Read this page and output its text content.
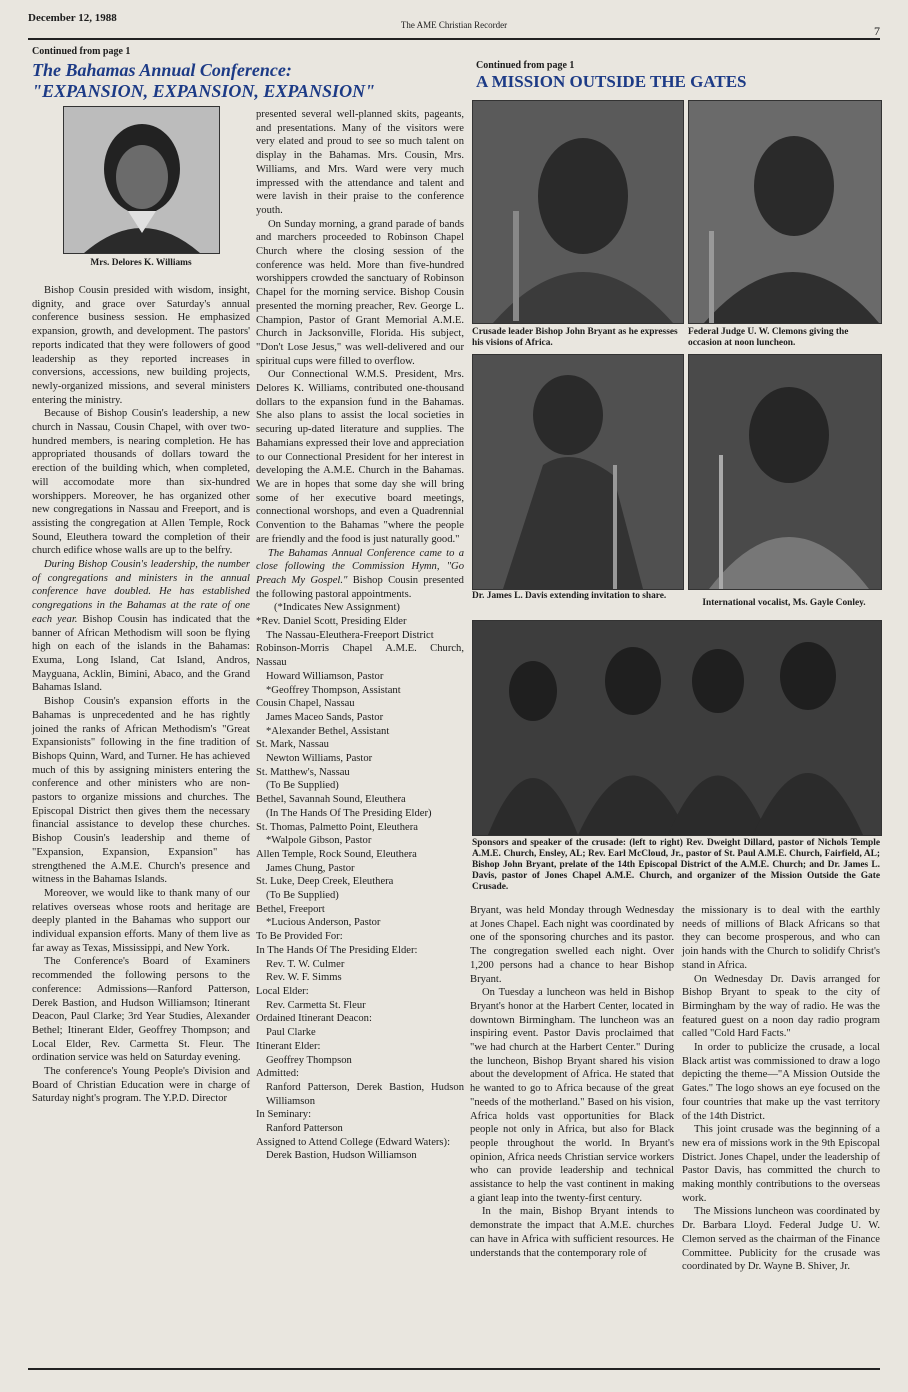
December 12, 1988
The AME Christian Recorder	7
Continued from page 1
The Bahamas Annual Conference:
"EXPANSION, EXPANSION, EXPANSION"
Mrs. Delores K. Williams

Bishop Cousin presided with wisdom, insight, dignity, and grace over Saturday's annual conference business session. He emphasized expansion, growth, and development. The pastors' reports indicated that they were followers of good leadership as they reported increases in conversions, accessions, new building projects, newly-organized missions, and several ministers entering the ministry.

Because of Bishop Cousin's leadership, a new church in Nassau, Cousin Chapel, with over two-hundred members, is nearing completion. He has appropriated thousands of dollars toward the erection of the building which, when completed, will accomodate more than six-hundred worshippers. Moreover, he has organized other new congregations in Nassau and Freeport, and is assisting the congregation at Allen Temple, Rock Sound, Eleuthera toward the completion of their church edifice whose walls are up to the belfry.

During Bishop Cousin's leadership, the number of congregations and ministers in the annual conference have doubled. He has established congregations in the Bahamas at the rate of one each year. Bishop Cousin has indicated that the banner of African Methodism will soon be flying high on each of the islands in the Bahamas: Exuma, Long Island, Cat Island, Andros, Mayguana, Acklin, Bimini, Abaco, and the Grand Bahamas Island.

Bishop Cousin's expansion efforts in the Bahamas is unprecedented and he has rightly joined the ranks of African Methodism's "Great Expansionists" following in the fine tradition of Bishops Quinn, Ward, and Turner. He has achieved much of this by assigning ministers entering the conference and other ministers who are non-pastors to organize missions and churches. The Episcopal District then gives them the necessary financial assistance to develop these churches. Bishop Cousin's leadership and theme of "Expansion, Expansion, Expansion" has strengthened the A.M.E. Church's presence and witness in the Bahamas Islands.

Moreover, we would like to thank many of our relatives overseas whose roots and heritage are deeply planted in the Bahamas who support our individual expansion efforts. Many of them live as far away as Texas, Mississippi, and New York.

The Conference's Board of Examiners recommended the following persons to the conference: Admissions—Ranford Patterson, Derek Bastion, and Hudson Williamson; Itinerant Deacon, Paul Clarke; 3rd Year Studies, Alexander Bethel; Itinerant Elder, Geoffrey Thompson; and Local Elder, Rev. Carmetta St. Fleur. The ordination service was held on Saturday evening.

The conference's Young People's Division and Board of Christian Education were in charge of Saturday night's program. The Y.P.D. Director

presented several well-planned skits, pageants, and presentations. Many of the visitors were very elated and proud to see so much talent on display in the Bahamas. Mrs. Cousin, Mrs. Williams, and Mrs. Ward were very much impressed with the attendance and talent and were lavish in their praise to the conference youth.

On Sunday morning, a grand parade of bands and marchers proceeded to Robinson Chapel Church where the closing session of the conference was held. More than five-hundred worshippers crowded the sanctuary of Robinson Chapel for the morning service. Bishop Cousin presented the morning preacher, Rev. George L. Champion, Pastor of Grant Memorial A.M.E. Church in Jacksonville, Florida. His subject, "Don't Lose Jesus," was well-delivered and our spiritual cups were filled to overflow.

Our Connectional W.M.S. President, Mrs. Delores K. Williams, contributed one-thousand dollars to the expansion fund in the Bahamas. She also plans to assist the local societies in securing up-dated literature and supplies. The Bahamians expressed their love and appreciation to our Connectional President for her interest in developing the A.M.E. Church in the Bahamas. We are in hopes that some day she will bring some of her executive board meetings, connectional worshops, and even a Quadrennial Convention to the Bahamas "where the people are friendly and the food is just naturally good."

The Bahamas Annual Conference came to a close following the Commission Hymn, "Go Preach My Gospel." Bishop Cousin presented the following pastoral appointments.

(*Indicates New Assignment)
*Rev. Daniel Scott, Presiding Elder
The Nassau-Eleuthera-Freeport District
Robinson-Morris Chapel A.M.E. Church, Nassau
Howard Williamson, Pastor
*Geoffrey Thompson, Assistant
Cousin Chapel, Nassau
James Maceo Sands, Pastor
*Alexander Bethel, Assistant
St. Mark, Nassau
Newton Williams, Pastor
St. Matthew's, Nassau
(To Be Supplied)
Bethel, Savannah Sound, Eleuthera
(In The Hands Of The Presiding Elder)
St. Thomas, Palmetto Point, Eleuthera
*Walpole Gibson, Pastor
Allen Temple, Rock Sound, Eleuthera
James Chung, Pastor
St. Luke, Deep Creek, Eleuthera
(To Be Supplied)
Bethel, Freeport
*Lucious Anderson, Pastor
To Be Provided For:
In The Hands Of The Presiding Elder:
Rev. T. W. Culmer
Rev. W. F. Simms
Local Elder:
Rev. Carmetta St. Fleur
Ordained Itinerant Deacon:
Paul Clarke
Itinerant Elder:
Geoffrey Thompson
Admitted:
Ranford Patterson, Derek Bastion, Hudson Williamson
In Seminary:
Ranford Patterson
Assigned to Attend College (Edward Waters):
Derek Bastion, Hudson Williamson
Continued from page 1
A MISSION OUTSIDE THE GATES
Crusade leader Bishop John Bryant as he expresses his visions of Africa.
Federal Judge U. W. Clemons giving the occasion at noon luncheon.
Dr. James L. Davis extending invitation to share.
International vocalist, Ms. Gayle Conley.
Sponsors and speaker of the crusade: (left to right) Rev. Dweight Dillard, pastor of Nichols Temple A.M.E. Church, Ensley, AL; Rev. Earl McCloud, Jr., pastor of St. Paul A.M.E. Church, Fairfield, AL; Bishop John Bryant, prelate of the 14th Episcopal District of the A.M.E. Church; and Dr. James L. Davis, pastor of Jones Chapel A.M.E. Church, and organizer of the Mission Outside the Gate Crusade.

Bryant, was held Monday through Wednesday at Jones Chapel. Each night was coordinated by one of the sponsoring churches and its pastor. The congregation swelled each night. Over 1,200 persons had a chance to hear Bishop Bryant.

On Tuesday a luncheon was held in Bishop Bryant's honor at the Harbert Center, located in downtown Birmingham. The luncheon was an inspiring event. Pastor Davis proclaimed that "we had church at the Harbert Center." During the luncheon, Bishop Bryant shared his vision about the development of Africa. He stated that he wanted to go to Africa because of the great "needs of the motherland." Based on his vision, Africa holds vast opportunities for Black people not only in Africa, but also for Black people throughout the world. In Bryant's opinion, Africa needs Christian service workers who can provide leadership and technical assistance to help the vast continent in making a giant leap into the twenty-first century.

In the main, Bishop Bryant intends to demonstrate the impact that A.M.E. churches can have in Africa with sufficient resources. He understands that the contemporary role of

the missionary is to deal with the earthly needs of millions of Black Africans so that they can become prosperous, and who can join hands with the Church to solidify Christ's stand in Africa.

On Wednesday Dr. Davis arranged for Bishop Bryant to speak to the city of Birmingham by the way of radio. He was the featured guest on a noon day radio program called "Cold Hard Facts."

In order to publicize the crusade, a local Black artist was commissioned to draw a logo depicting the theme—"A Mission Outside the Gates." The logo shows an eye focused on the four countries that make up the vast territory of the 14th District.

This joint crusade was the beginning of a new era of missions work in the 9th Episcopal District. Jones Chapel, under the leadership of Pastor Davis, has committed the church to making monthly contributions to the overseas work.

The Missions luncheon was coordinated by Dr. Barbara Lloyd. Federal Judge U. W. Clemon served as the chairman of the Finance Committee. Publicity for the crusade was coordinated by Dr. Wayne B. Shiver, Jr.
